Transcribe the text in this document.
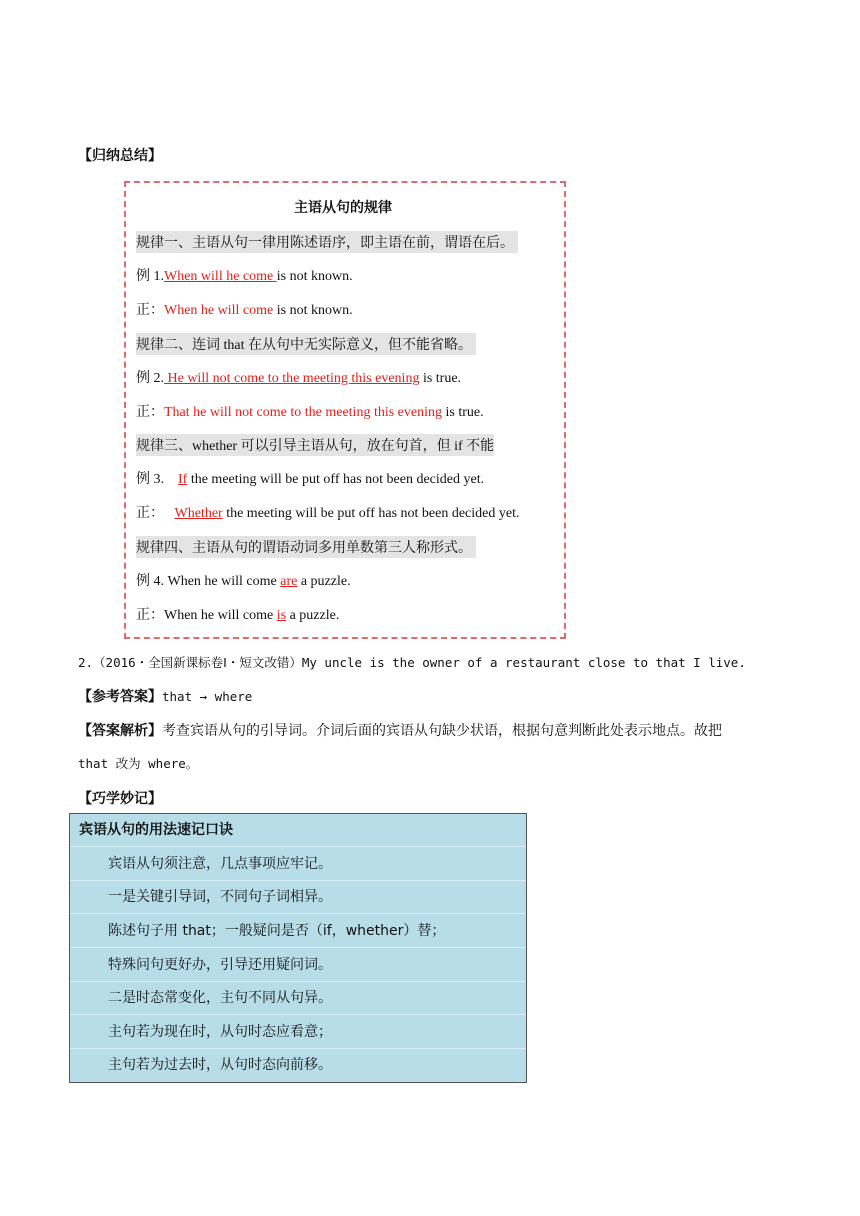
【归纳总结】
主语从句的规律
规律一、主语从句一律用陈述语序，即主语在前，谓语在后。
例 1.When will he come is not known.
正：When he will come is not known.
规律二、连词 that 在从句中无实际意义，但不能省略。
例 2. He will not come to the meeting this evening is true.
正：That he will not come to the meeting this evening is true.
规律三、whether 可以引导主语从句，放在句首，但 if 不能
例 3.    If the meeting will be put off has not been decided yet.
正：   Whether the meeting will be put off has not been decided yet.
规律四、主语从句的谓语动词多用单数第三人称形式。
例 4. When he will come are a puzzle.
正：When he will come is a puzzle.
2.（2016・全国新课标卷Ⅰ・短文改错）My uncle is the owner of a restaurant close to that I live.
【参考答案】that → where
【答案解析】考查宾语从句的引导词。介词后面的宾语从句缺少状语，根据句意判断此处表示地点。故把
that 改为 where。
【巧学妙记】
宾语从句的用法速记口诀
宾语从句须注意，几点事项应牢记。
一是关键引导词，不同句子词相异。
陈述句子用 that；一般疑问是否（if，whether）替；
特殊问句更好办，引导还用疑问词。
二是时态常变化，主句不同从句异。
主句若为现在时，从句时态应看意；
主句若为过去时，从句时态向前移。
